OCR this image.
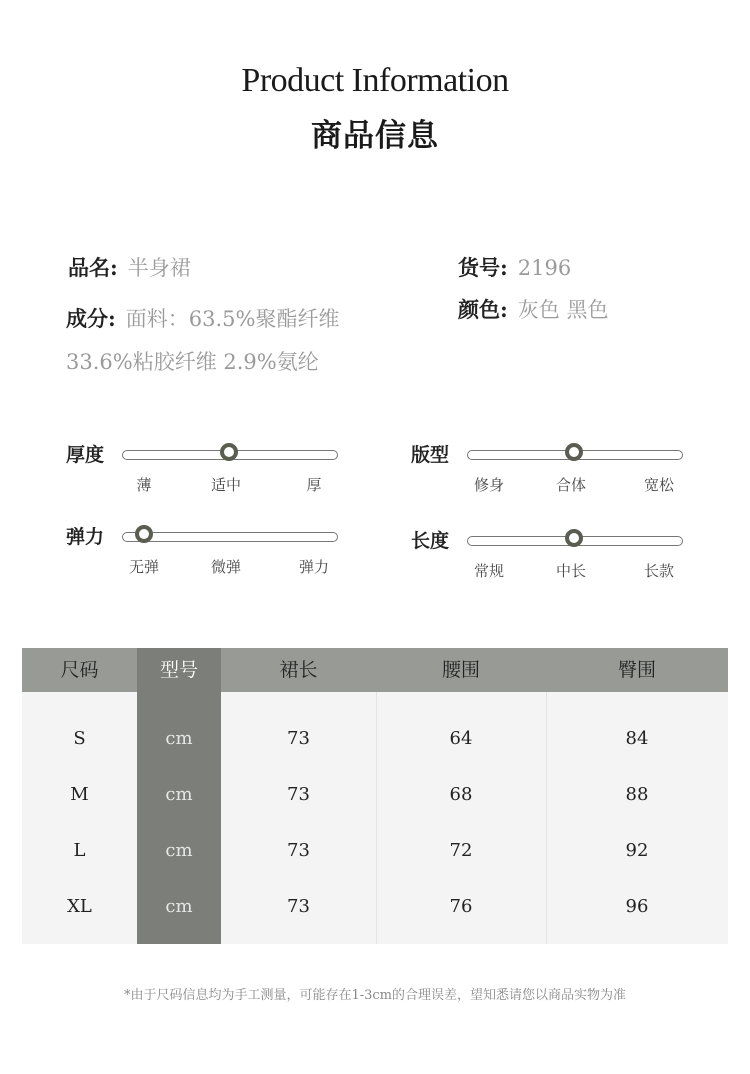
Product Information
商品信息
品名: 半身裙	货号: 2196
成分: 面料：63.5%聚酯纤维
33.6%粘胶纤维 2.9%氨纶
颜色: 灰色 黑色
厚度
薄	适中	厚
版型
修身	合体	宽松
弹力
无弹	微弹	弹力
长度
常规	中长	长款
尺码	型号	裙长	腰围	臀围
S	cm	73	64	84
M	cm	73	68	88
L	cm	73	72	92
XL	cm	73	76	96
*由于尺码信息均为手工测量，可能存在1-3cm的合理误差，望知悉请您以商品实物为准
